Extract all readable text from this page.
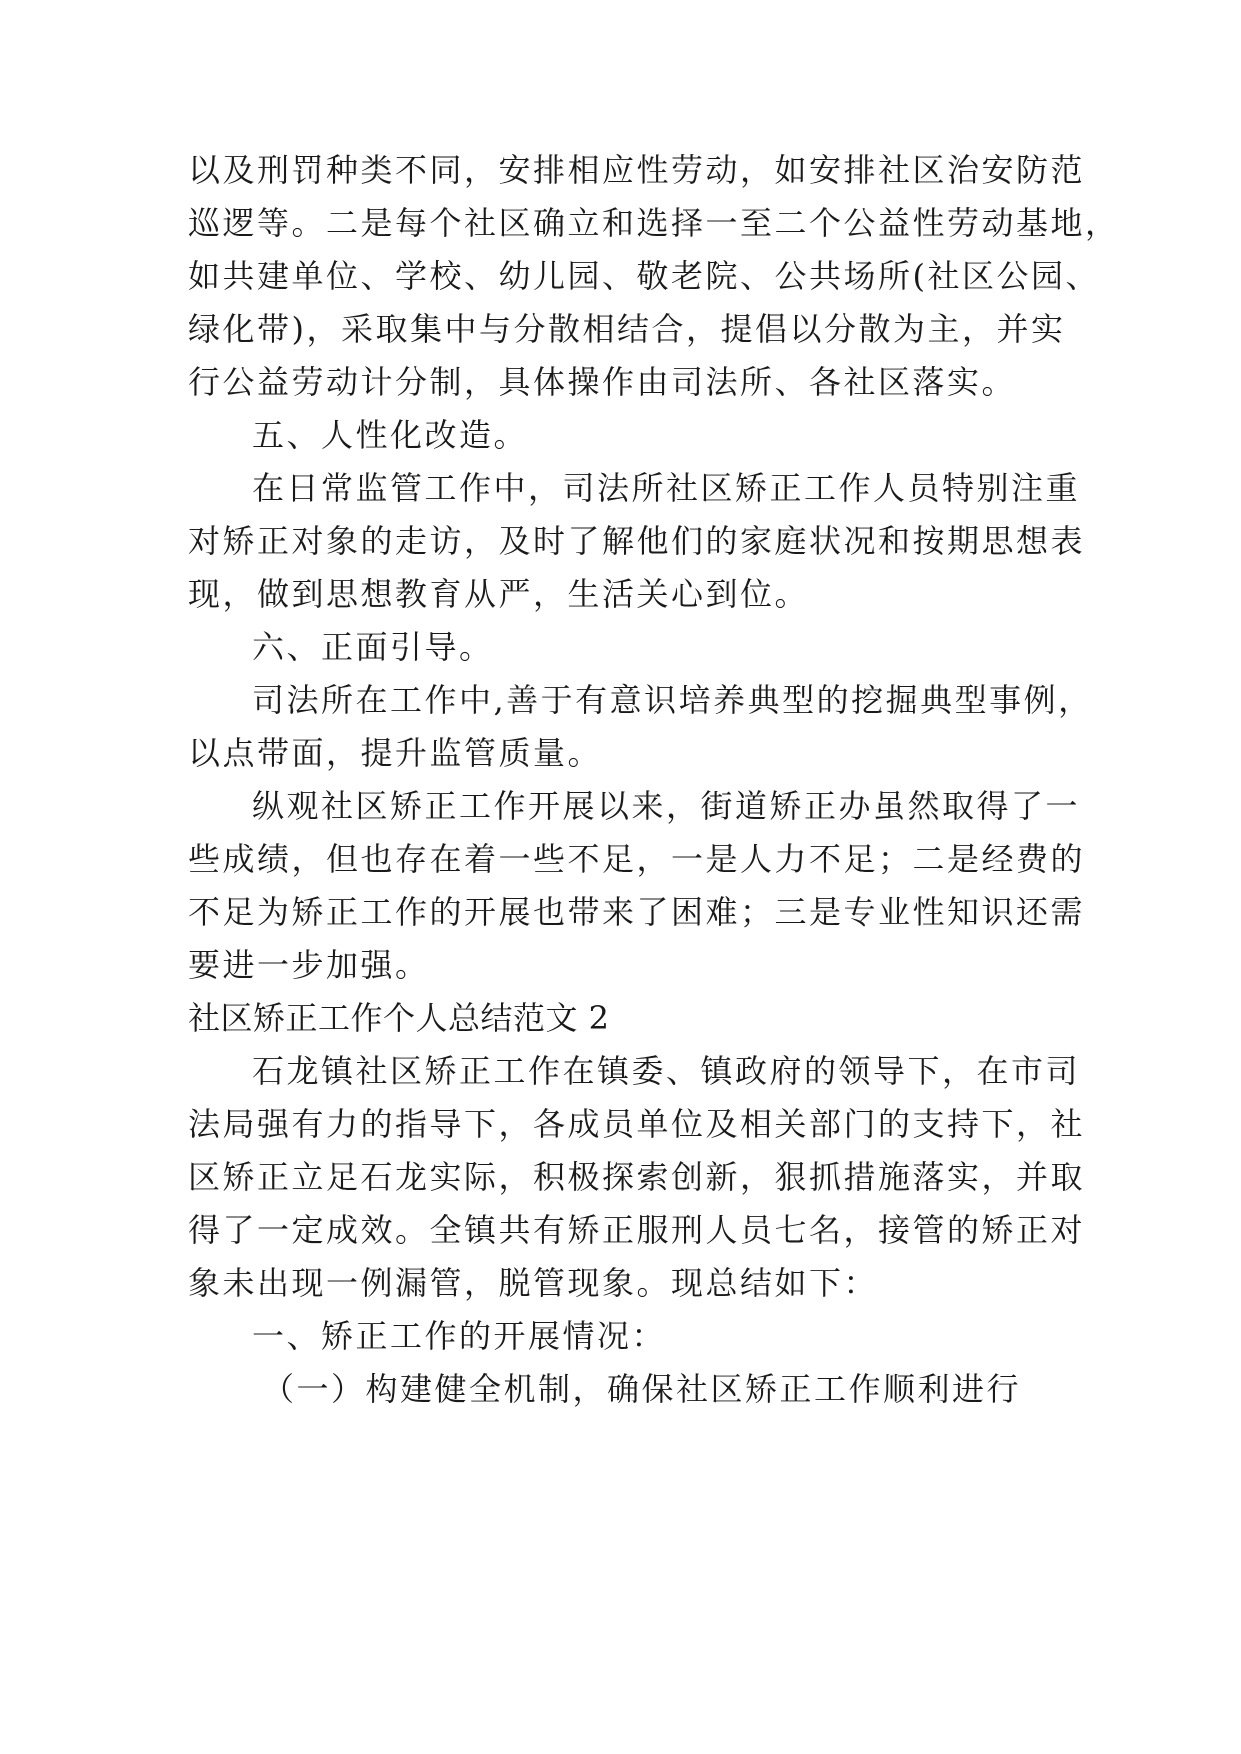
以及刑罚种类不同，安排相应性劳动，如安排社区治安防范
巡逻等。二是每个社区确立和选择一至二个公益性劳动基地，
如共建单位、学校、幼儿园、敬老院、公共场所(社区公园、
绿化带)，采取集中与分散相结合，提倡以分散为主，并实
行公益劳动计分制，具体操作由司法所、各社区落实。
五、人性化改造。
在日常监管工作中，司法所社区矫正工作人员特别注重
对矫正对象的走访，及时了解他们的家庭状况和按期思想表
现，做到思想教育从严，生活关心到位。
六、正面引导。
司法所在工作中,善于有意识培养典型的挖掘典型事例，
以点带面，提升监管质量。
纵观社区矫正工作开展以来，街道矫正办虽然取得了一
些成绩，但也存在着一些不足，一是人力不足；二是经费的
不足为矫正工作的开展也带来了困难；三是专业性知识还需
要进一步加强。
社区矫正工作个人总结范文 2
石龙镇社区矫正工作在镇委、镇政府的领导下，在市司
法局强有力的指导下，各成员单位及相关部门的支持下，社
区矫正立足石龙实际，积极探索创新，狠抓措施落实，并取
得了一定成效。全镇共有矫正服刑人员七名，接管的矫正对
象未出现一例漏管，脱管现象。现总结如下：
一、矫正工作的开展情况：
（一）构建健全机制，确保社区矫正工作顺利进行
